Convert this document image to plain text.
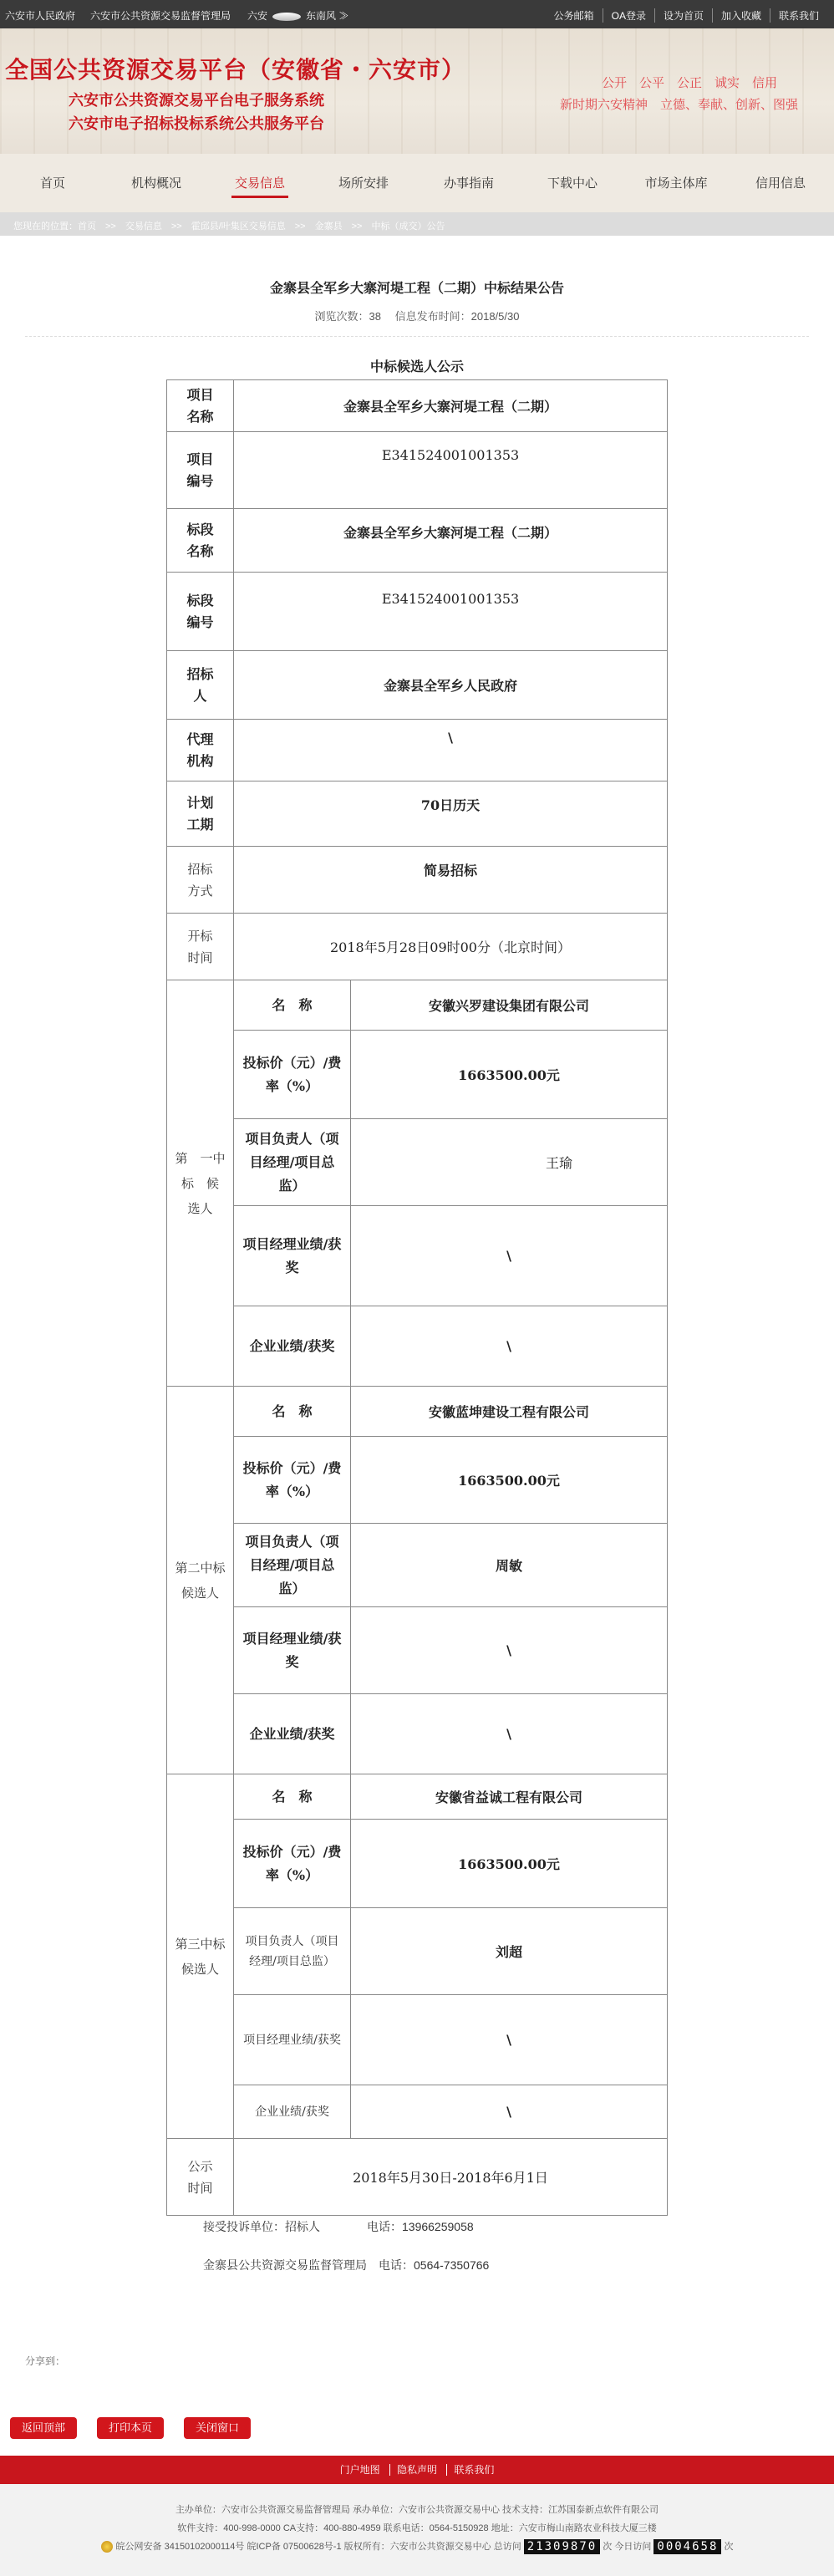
六安市人民政府 六安市公共资源交易监督管理局 六安	东南风 ≫	公务邮箱	OA登录	设为首页	加入收藏	联系我们
全国公共资源交易平台（安徽省・六安市）
六安市公共资源交易平台电子服务系统
六安市电子招标投标系统公共服务平台
公开　公平　公正　诚实　信用
新时期六安精神　立德、奉献、创新、图强
首页	机构概况	交易信息	场所安排	办事指南	下载中心	市场主体库	信用信息
您现在的位置：首页　>>　交易信息　>>　霍邱县/叶集区交易信息　>>　金寨县　>>　中标（成交）公告
金寨县全军乡大寨河堤工程（二期）中标结果公告
浏览次数：38　 信息发布时间：2018/5/30
中标候选人公示
项目名称	金寨县全军乡大寨河堤工程（二期）	
项目编号	E341524001001353	
标段名称	金寨县全军乡大寨河堤工程（二期）	
标段编号	E341524001001353	
招标人	金寨县全军乡人民政府	
代理机构	\	
计划工期	70日历天	
招标方式	简易招标	
开标时间	2018年5月28日09时00分（北京时间）	
第　一中标　候　选人	名　称	安徽兴罗建设集团有限公司
	投标价（元）/费率（%）	1663500.00元
	项目负责人（项目经理/项目总监）	王瑜
	项目经理业绩/获奖	\
	企业业绩/获奖	\
第二中标　候选人	名　称	安徽蓝坤建设工程有限公司
	投标价（元）/费率（%）	1663500.00元
	项目负责人（项目经理/项目总监）	周敏
	项目经理业绩/获奖	\
	企业业绩/获奖	\
第三中标候选人	名　称	安徽省益诚工程有限公司
	投标价（元）/费率（%）	1663500.00元
	项目负责人（项目经理/项目总监）	刘超
	项目经理业绩/获奖	\
	企业业绩/获奖	\
公示时间	2018年5月30日-2018年6月1日	
接受投诉单位：招标人　　　　电话：13966259058
金寨县公共资源交易监督管理局　电话：0564-7350766
分享到：
返回顶部	打印本页	关闭窗口
门户地图 隐私声明 联系我们
主办单位：六安市公共资源交易监督管理局 承办单位：六安市公共资源交易中心 技术支持：江苏国泰新点软件有限公司
软件支持：400-998-0000 CA支持：400-880-4959 联系电话：0564-5150928 地址：六安市梅山南路农业科技大厦三楼
皖公网安备 34150102000114号 皖ICP备 07500628号-1 版权所有：六安市公共资源交易中心 总访问 21309870 次 今日访问 0004658 次
